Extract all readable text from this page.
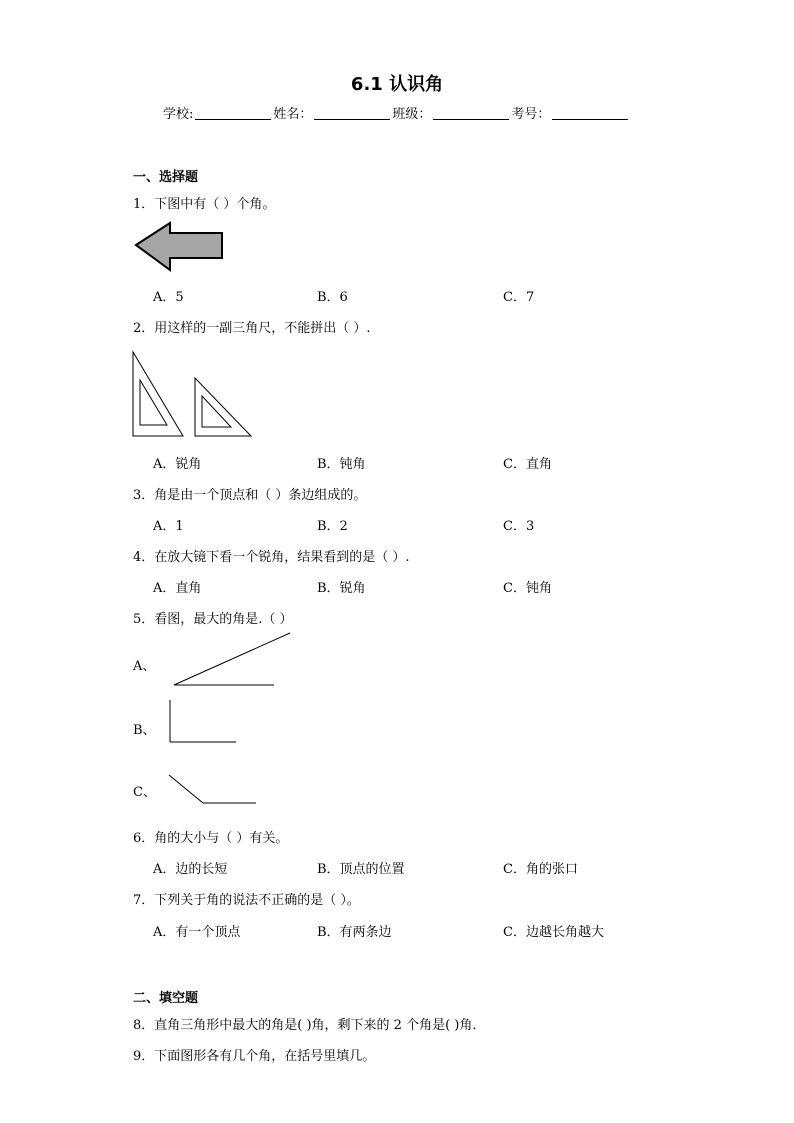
6.1 认识角
学校:	姓名：	班级：	考号：
一、选择题
1．下图中有（ ）个角。
A．5	B．6	C．7
2．用这样的一副三角尺，不能拼出（ ）.
A．锐角	B．钝角	C．直角
3．角是由一个顶点和（ ）条边组成的。
A．1	B．2	C．3
4．在放大镜下看一个锐角，结果看到的是（ ）.
A．直角	B．锐角	C．钝角
5．看图，最大的角是.（ ）
A、
B、
C、
6．角的大小与（ ）有关。
A．边的长短	B．顶点的位置	C．角的张口
7．下列关于角的说法不正确的是（ ）。
A．有一个顶点	B．有两条边	C．边越长角越大
二、填空题
8．直角三角形中最大的角是( )角，剩下来的 2 个角是( )角．
9．下面图形各有几个角，在括号里填几。
